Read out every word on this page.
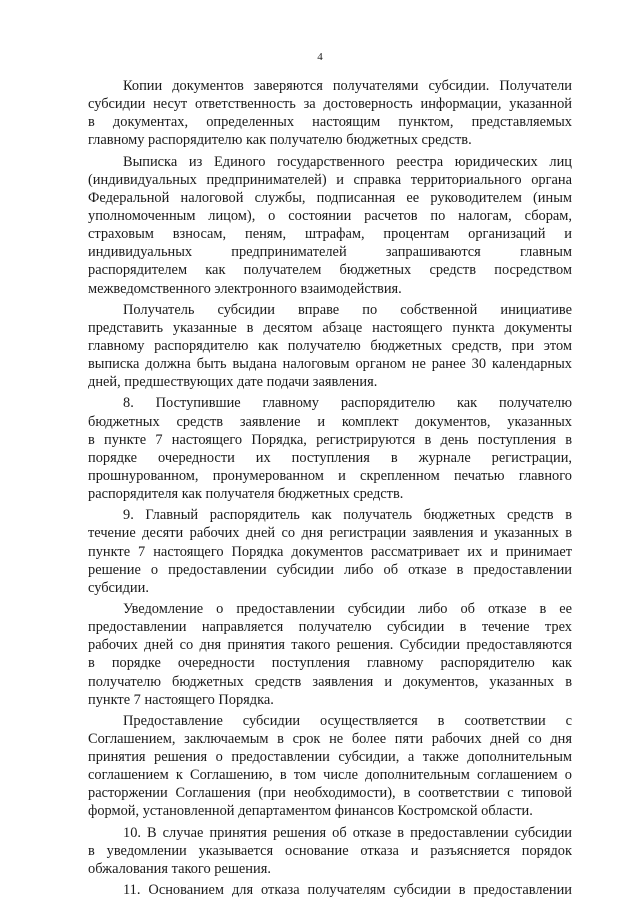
4
Копии документов заверяются получателями субсидии. Получатели
субсидии несут ответственность за достоверность информации, указанной
в документах, определенных настоящим пунктом, представляемых
главному распорядителю как получателю бюджетных средств.
Выписка из Единого государственного реестра юридических лиц
(индивидуальных предпринимателей) и справка территориального органа
Федеральной налоговой службы, подписанная ее руководителем (иным
уполномоченным лицом), о состоянии расчетов по налогам, сборам,
страховым взносам, пеням, штрафам, процентам организаций и
индивидуальных предпринимателей запрашиваются главным
распорядителем как получателем бюджетных средств посредством
межведомственного электронного взаимодействия.
Получатель субсидии вправе по собственной инициативе
представить указанные в десятом абзаце настоящего пункта документы
главному распорядителю как получателю бюджетных средств, при этом
выписка должна быть выдана налоговым органом не ранее 30 календарных
дней, предшествующих дате подачи заявления.
8. Поступившие главному распорядителю как получателю
бюджетных средств заявление и комплект документов, указанных
в пункте 7 настоящего Порядка, регистрируются в день поступления в
порядке очередности их поступления в журнале регистрации,
прошнурованном, пронумерованном и скрепленном печатью главного
распорядителя как получателя бюджетных средств.
9. Главный распорядитель как получатель бюджетных средств в
течение десяти рабочих дней со дня регистрации заявления и указанных в
пункте 7 настоящего Порядка документов рассматривает их и принимает
решение о предоставлении субсидии либо об отказе в предоставлении
субсидии.
Уведомление о предоставлении субсидии либо об отказе в ее
предоставлении направляется получателю субсидии в течение трех
рабочих дней со дня принятия такого решения. Субсидии предоставляются
в порядке очередности поступления главному распорядителю как
получателю бюджетных средств заявления и документов, указанных в
пункте 7 настоящего Порядка.
Предоставление субсидии осуществляется в соответствии с
Соглашением, заключаемым в срок не более пяти рабочих дней со дня
принятия решения о предоставлении субсидии, а также дополнительным
соглашением к Соглашению, в том числе дополнительным соглашением о
расторжении Соглашения (при необходимости), в соответствии с типовой
формой, установленной департаментом финансов Костромской области.
10. В случае принятия решения об отказе в предоставлении субсидии
в уведомлении указывается основание отказа и разъясняется порядок
обжалования такого решения.
11. Основанием для отказа получателям субсидии в предоставлении
